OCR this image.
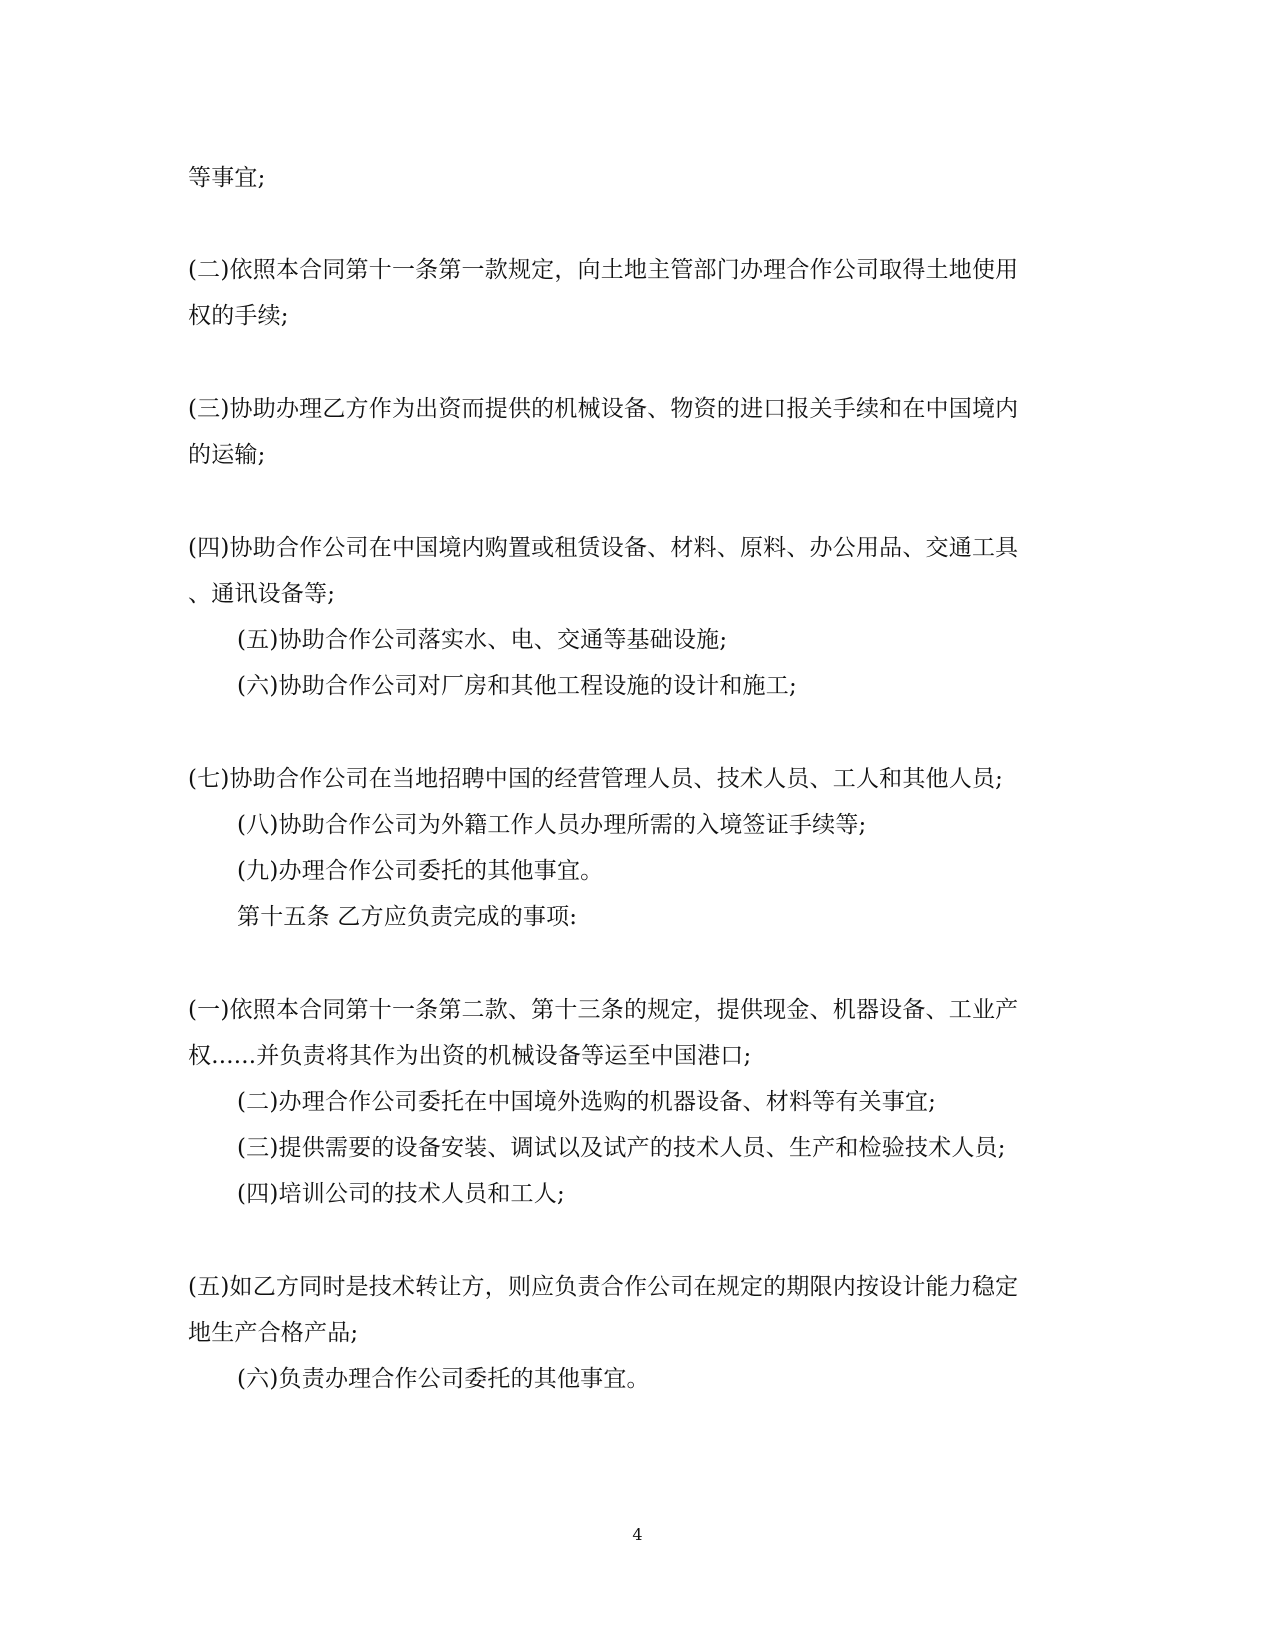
等事宜;
(二)依照本合同第十一条第一款规定，向土地主管部门办理合作公司取得土地使用
权的手续;
(三)协助办理乙方作为出资而提供的机械设备、物资的进口报关手续和在中国境内
的运输;
(四)协助合作公司在中国境内购置或租赁设备、材料、原料、办公用品、交通工具
、通讯设备等;
(五)协助合作公司落实水、电、交通等基础设施;
(六)协助合作公司对厂房和其他工程设施的设计和施工;
(七)协助合作公司在当地招聘中国的经营管理人员、技术人员、工人和其他人员;
(八)协助合作公司为外籍工作人员办理所需的入境签证手续等;
(九)办理合作公司委托的其他事宜。
第十五条 乙方应负责完成的事项:
(一)依照本合同第十一条第二款、第十三条的规定，提供现金、机器设备、工业产
权......并负责将其作为出资的机械设备等运至中国港口;
(二)办理合作公司委托在中国境外选购的机器设备、材料等有关事宜;
(三)提供需要的设备安装、调试以及试产的技术人员、生产和检验技术人员;
(四)培训公司的技术人员和工人;
(五)如乙方同时是技术转让方，则应负责合作公司在规定的期限内按设计能力稳定
地生产合格产品;
(六)负责办理合作公司委托的其他事宜。
4
